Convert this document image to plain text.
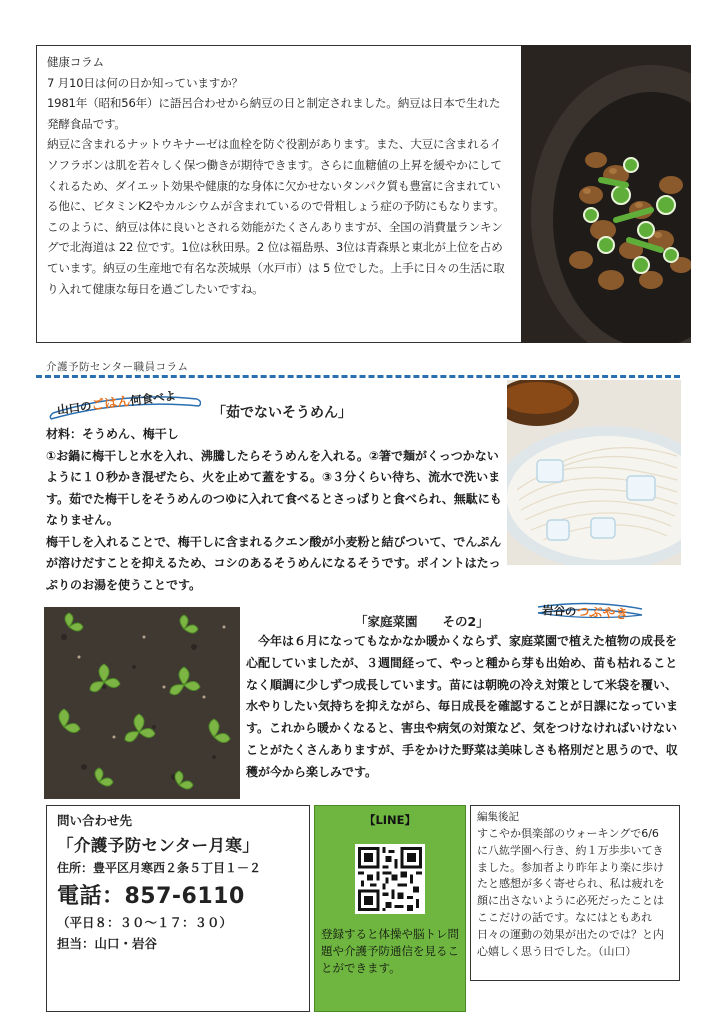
健康コラム

7 月10日は何の日か知っていますか？

1981年（昭和56年）に語呂合わせから納豆の日と制定されました。納豆は日本で生れた発酵食品です。

納豆に含まれるナットウキナーゼは血栓を防ぐ役割があります。また、大豆に含まれるイソフラボンは肌を若々しく保つ働きが期待できます。さらに血糖値の上昇を緩やかにしてくれるため、ダイエット効果や健康的な身体に欠かせないタンパク質も豊富に含まれている他に、ビタミンK2やカルシウムが含まれているので骨粗しょう症の予防にもなります。

このように、納豆は体に良いとされる効能がたくさんありますが、全国の消費量ランキングで北海道は 22 位です。1位は秋田県。2 位は福島県、3位は青森県と東北が上位を占めています。納豆の生産地で有名な茨城県（水戸市）は 5 位でした。上手に日々の生活に取り入れて健康な毎日を過ごしたいですね。

介護予防センター職員コラム
山口のごはん何食べよ
「茹でないそうめん」

材料：そうめん、梅干し

①お鍋に梅干しと水を入れ、沸騰したらそうめんを入れる。②箸で麺がくっつかないように１０秒かき混ぜたら、火を止めて蓋をする。③３分くらい待ち、流水で洗います。茹でた梅干しをそうめんのつゆに入れて食べるとさっぱりと食べられ、無駄にもなりません。

梅干しを入れることで、梅干しに含まれるクエン酸が小麦粉と結びついて、でんぷんが溶けだすことを抑えるため、コシのあるそうめんになるそうです。ポイントはたっぷりのお湯を使うことです。

岩谷のつぶやき
「家庭菜園　　その2」
　今年は６月になってもなかなか暖かくならず、家庭菜園で植えた植物の成長を心配していましたが、３週間経って、やっと種から芽も出始め、苗も枯れることなく順調に少しずつ成長しています。苗には朝晩の冷え対策として米袋を覆い、水やりしたい気持ちを抑えながら、毎日成長を確認することが日課になっています。これから暖かくなると、害虫や病気の対策など、気をつけなければいけないことがたくさんありますが、手をかけた野菜は美味しさも格別だと思うので、収穫が今から楽しみです。
問い合わせ先
「介護予防センター月寒」
住所：豊平区月寒西２条５丁目１－２
電話：857-6110
（平日８：３０～１７：３０）
担当：山口・岩谷
【LINE】
登録すると体操や脳トレ問題や介護予防通信を見ることができます。
編集後記
すこやか倶楽部のウォーキングで6/6 に八紘学園へ行き、約１万歩歩いてきました。参加者より昨年より楽に歩けたと感想が多く寄せられ、私は疲れを顔に出さないように必死だったことはここだけの話です。なにはともあれ日々の運動の効果が出たのでは？と内心嬉しく思う日でした。（山口）
